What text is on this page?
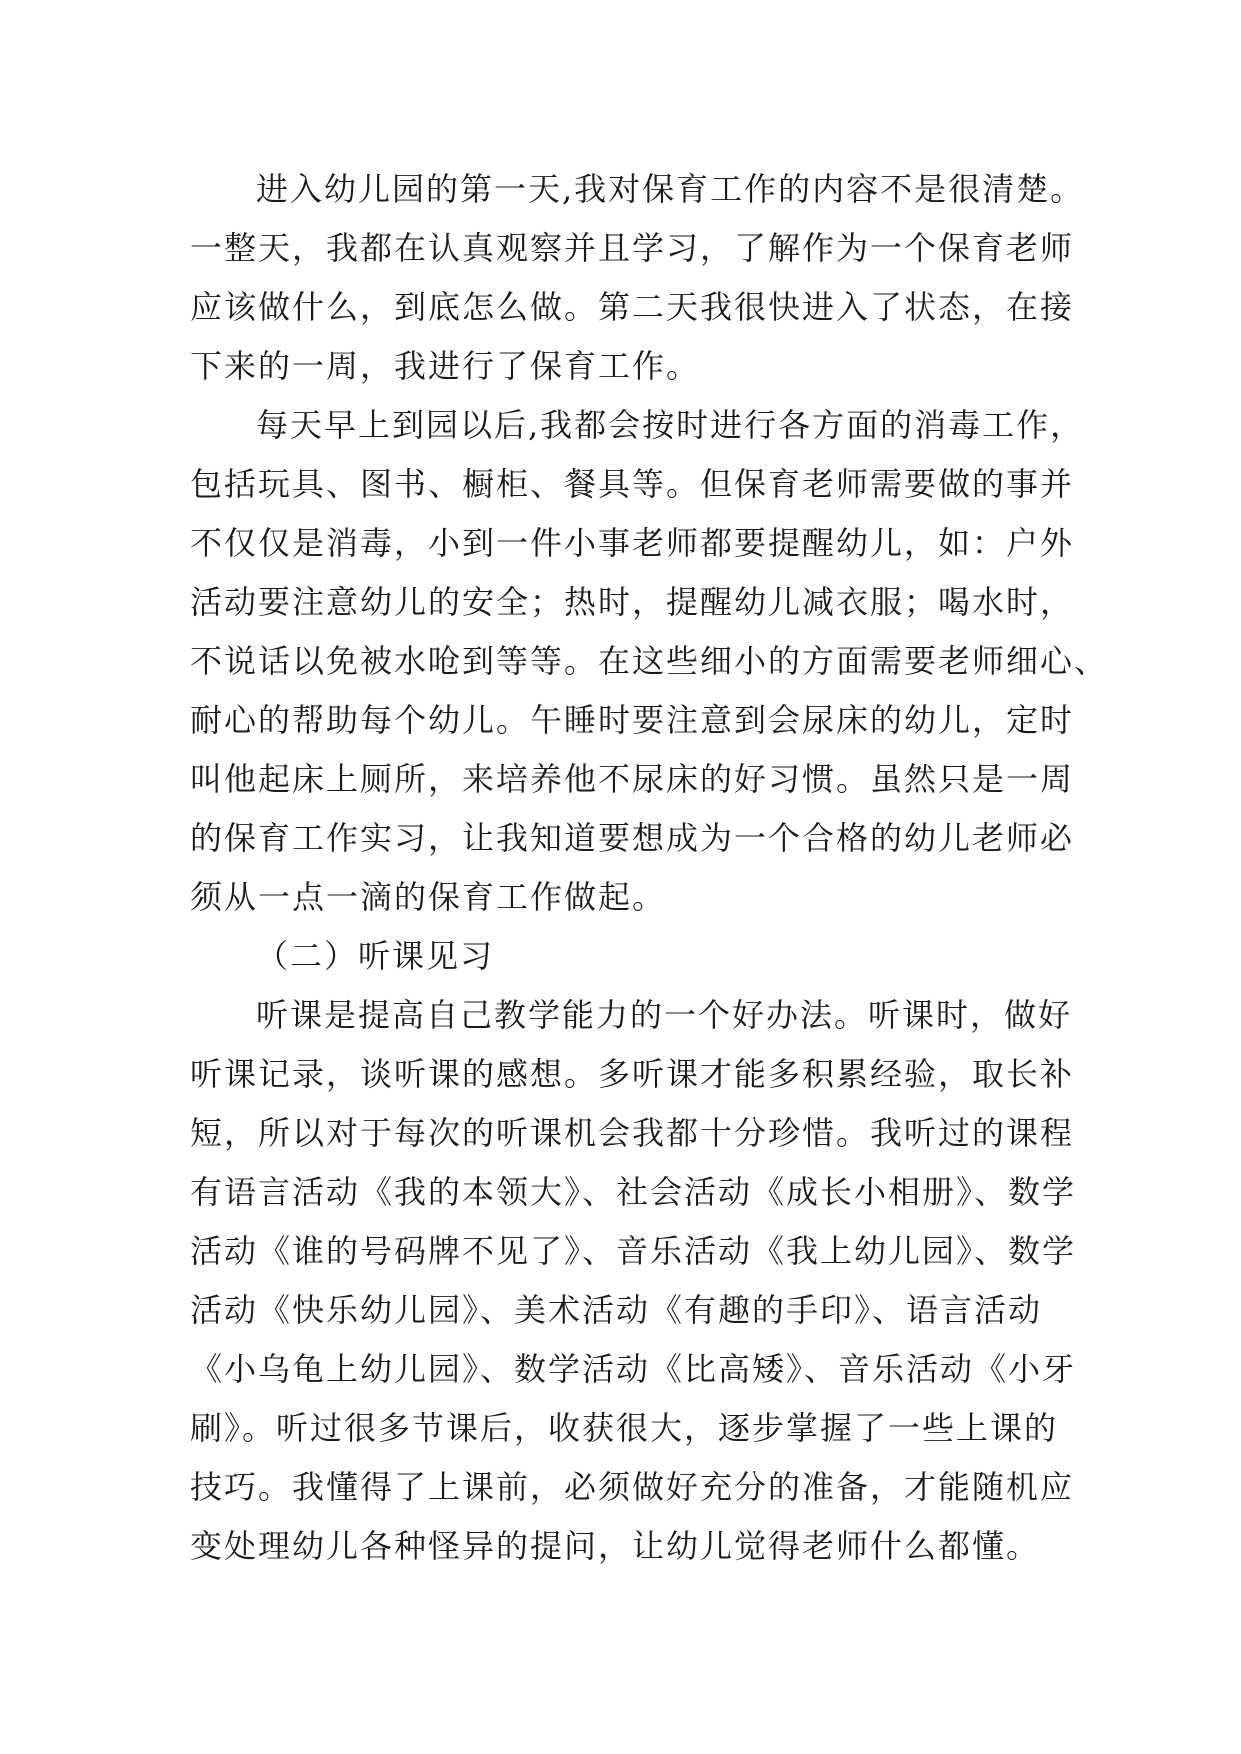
进入幼儿园的第一天,我对保育工作的内容不是很清楚。
一整天，我都在认真观察并且学习，了解作为一个保育老师
应该做什么，到底怎么做。第二天我很快进入了状态，在接
下来的一周，我进行了保育工作。
每天早上到园以后,我都会按时进行各方面的消毒工作，
包括玩具、图书、橱柜、餐具等。但保育老师需要做的事并
不仅仅是消毒，小到一件小事老师都要提醒幼儿，如：户外
活动要注意幼儿的安全；热时，提醒幼儿减衣服；喝水时，
不说话以免被水呛到等等。在这些细小的方面需要老师细心、
耐心的帮助每个幼儿。午睡时要注意到会尿床的幼儿，定时
叫他起床上厕所，来培养他不尿床的好习惯。虽然只是一周
的保育工作实习，让我知道要想成为一个合格的幼儿老师必
须从一点一滴的保育工作做起。
（二）听课见习
听课是提高自己教学能力的一个好办法。听课时，做好
听课记录，谈听课的感想。多听课才能多积累经验，取长补
短，所以对于每次的听课机会我都十分珍惜。我听过的课程
有语言活动《我的本领大》、社会活动《成长小相册》、数学
活动《谁的号码牌不见了》、音乐活动《我上幼儿园》、数学
活动《快乐幼儿园》、美术活动《有趣的手印》、语言活动
《小乌龟上幼儿园》、数学活动《比高矮》、音乐活动《小牙
刷》。听过很多节课后，收获很大，逐步掌握了一些上课的
技巧。我懂得了上课前，必须做好充分的准备，才能随机应
变处理幼儿各种怪异的提问，让幼儿觉得老师什么都懂。
